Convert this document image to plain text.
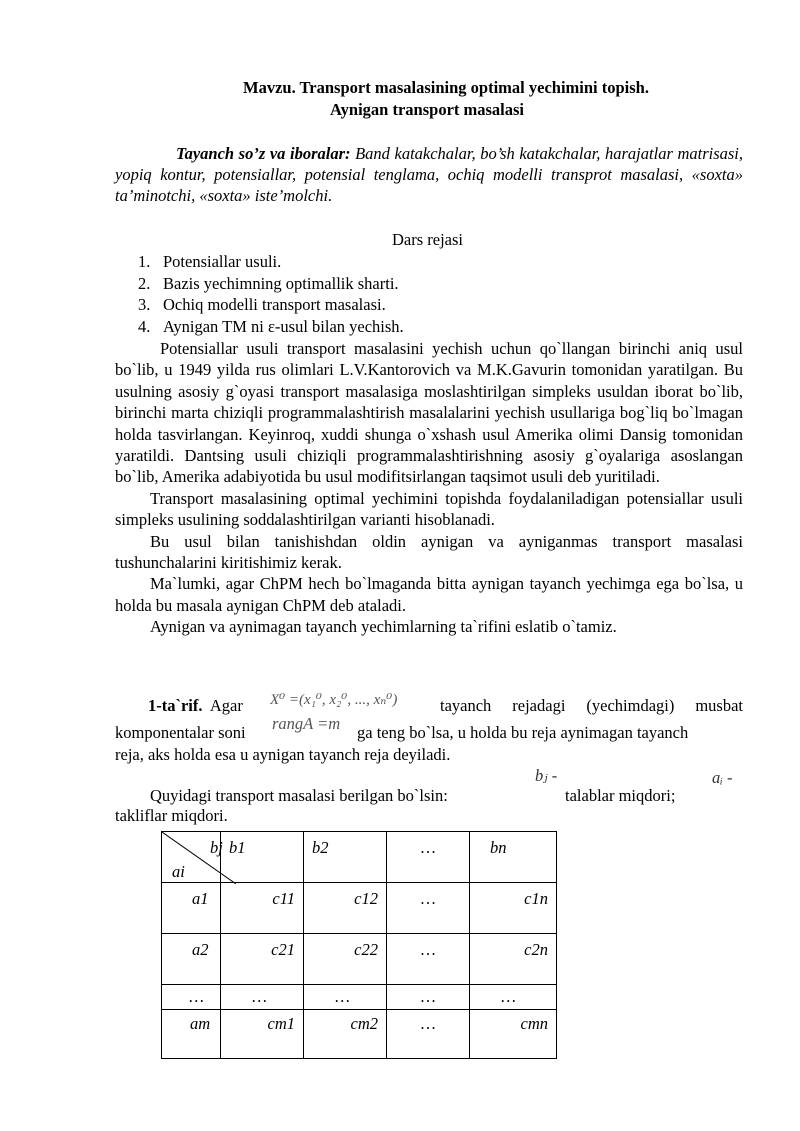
Mavzu. Transport masalasining optimal yechimini topish.
Aynigan transport masalasi
Tayanch so’z va iboralar: Band katakchalar, bo’sh katakchalar, harajatlar matrisasi, yopiq kontur, potensiallar, potensial tenglama, ochiq modelli transprot masalasi, «soxta» ta’minotchi, «soxta» iste’molchi.
Dars rejasi
1. Potensiallar usuli.
2. Bazis yechimning optimallik sharti.
3. Ochiq modelli transport masalasi.
4. Aynigan TM ni ε-usul bilan yechish.

Potensiallar usuli transport masalasini yechish uchun qo`llangan birinchi aniq usul bo`lib, u 1949 yilda rus olimlari L.V.Kantorovich va M.K.Gavurin tomonidan yaratilgan. Bu usulning asosiy g`oyasi transport masalasiga moslashtirilgan simpleks usuldan iborat bo`lib, birinchi marta chiziqli programmalashtirish masalalarini yechish usullariga bog`liq bo`lmagan holda tasvirlangan. Keyinroq, xuddi shunga o`xshash usul Amerika olimi Dansig tomonidan yaratildi. Dantsing usuli chiziqli programmalashtirishning asosiy g`oyalariga asoslangan bo`lib, Amerika adabiyotida bu usul modifitsirlangan taqsimot usuli deb yuritiladi.

Transport masalasining optimal yechimini topishda foydalaniladigan potensiallar usuli simpleks usulining soddalashtirilgan varianti hisoblanadi.

Bu usul bilan tanishishdan oldin aynigan va ayniganmas transport masalasi tushunchalarini kiritishimiz kerak.

Ma`lumki, agar ChPM hech bo`lmaganda bitta aynigan tayanch yechimga ega bo`lsa, u holda bu masala aynigan ChPM deb ataladi.

Aynigan va aynimagan tayanch yechimlarning ta`rifini eslatib o`tamiz.

1-ta`rif. Agar X⁰ =(x₁⁰, x₂⁰, ..., xₙ⁰)	tayanch rejadagi (yechimdagi) musbat
komponentalar soni rangA =m ga teng bo`lsa, u holda bu reja aynimagan tayanch
reja, aks holda esa u aynigan tayanch reja deyiladi.
Quyidagi transport masalasi berilgan bo`lsin:
bⱼ -
talablar miqdori;
aᵢ -
takliflar miqdori.
bj
ai	b1	b2	…	bn
a1	c11	c12	…	c1n
a2	c21	c22	…	c2n
…	…	…	…	…
am	cm1	cm2	…	cmn
